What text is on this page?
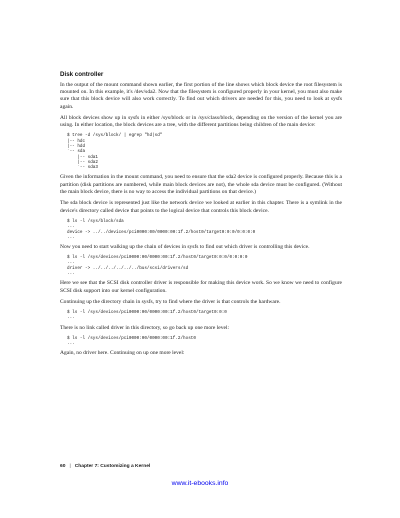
Disk controller

In the output of the mount command shown earlier, the first portion of the line shows which block device the root filesystem is mounted on. In this example, it's /dev/sda2. Now that the filesystem is configured properly in your kernel, you must also make sure that this block device will also work correctly. To find out which drivers are needed for this, you need to look at sysfs again.

All block devices show up in sysfs in either /sys/block or in /sys/class/block, depending on the version of the kernel you are using. In either location, the block devices are a tree, with the different partitions being children of the main device:

$ tree -d /sys/block/ | egrep "hd|sd"
|-- hdc
|-- hdd
`-- sda
|-- sda1
|-- sda2
`-- sda3

Given the information in the mount command, you need to ensure that the sda2 device is configured properly. Because this is a partition (disk partitions are numbered, while main block devices are not), the whole sda device must be configured. (Without the main block device, there is no way to access the individual partitions on that device.)

The sda block device is represented just like the network device we looked at earlier in this chapter. There is a symlink in the device's directory called device that points to the logical device that controls this block device.

$ ls -l /sys/block/sda
...
device -> ../../devices/pci0000:00/0000:00:1f.2/host0/target0:0:0/0:0:0:0
...

Now you need to start walking up the chain of devices in sysfs to find out which driver is controlling this device.

$ ls -l /sys/devices/pci0000:00/0000:00:1f.2/host0/target0:0:0/0:0:0:0
...
driver -> ../../../../../../bus/scsi/drivers/sd
...

Here we see that the SCSI disk controller driver is responsible for making this device work. So we know we need to configure SCSI disk support into our kernel configuration.

Continuing up the directory chain in sysfs, try to find where the driver is that controls the hardware.

$ ls -l /sys/devices/pci0000:00/0000:00:1f.2/host0/target0:0:0
...

There is no link called driver in this directory, so go back up one more level:

$ ls -l /sys/devices/pci0000:00/0000:00:1f.2/host0
...

Again, no driver here. Continuing on up one more level:

60 | Chapter 7: Customizing a Kernel
www.it-ebooks.info
